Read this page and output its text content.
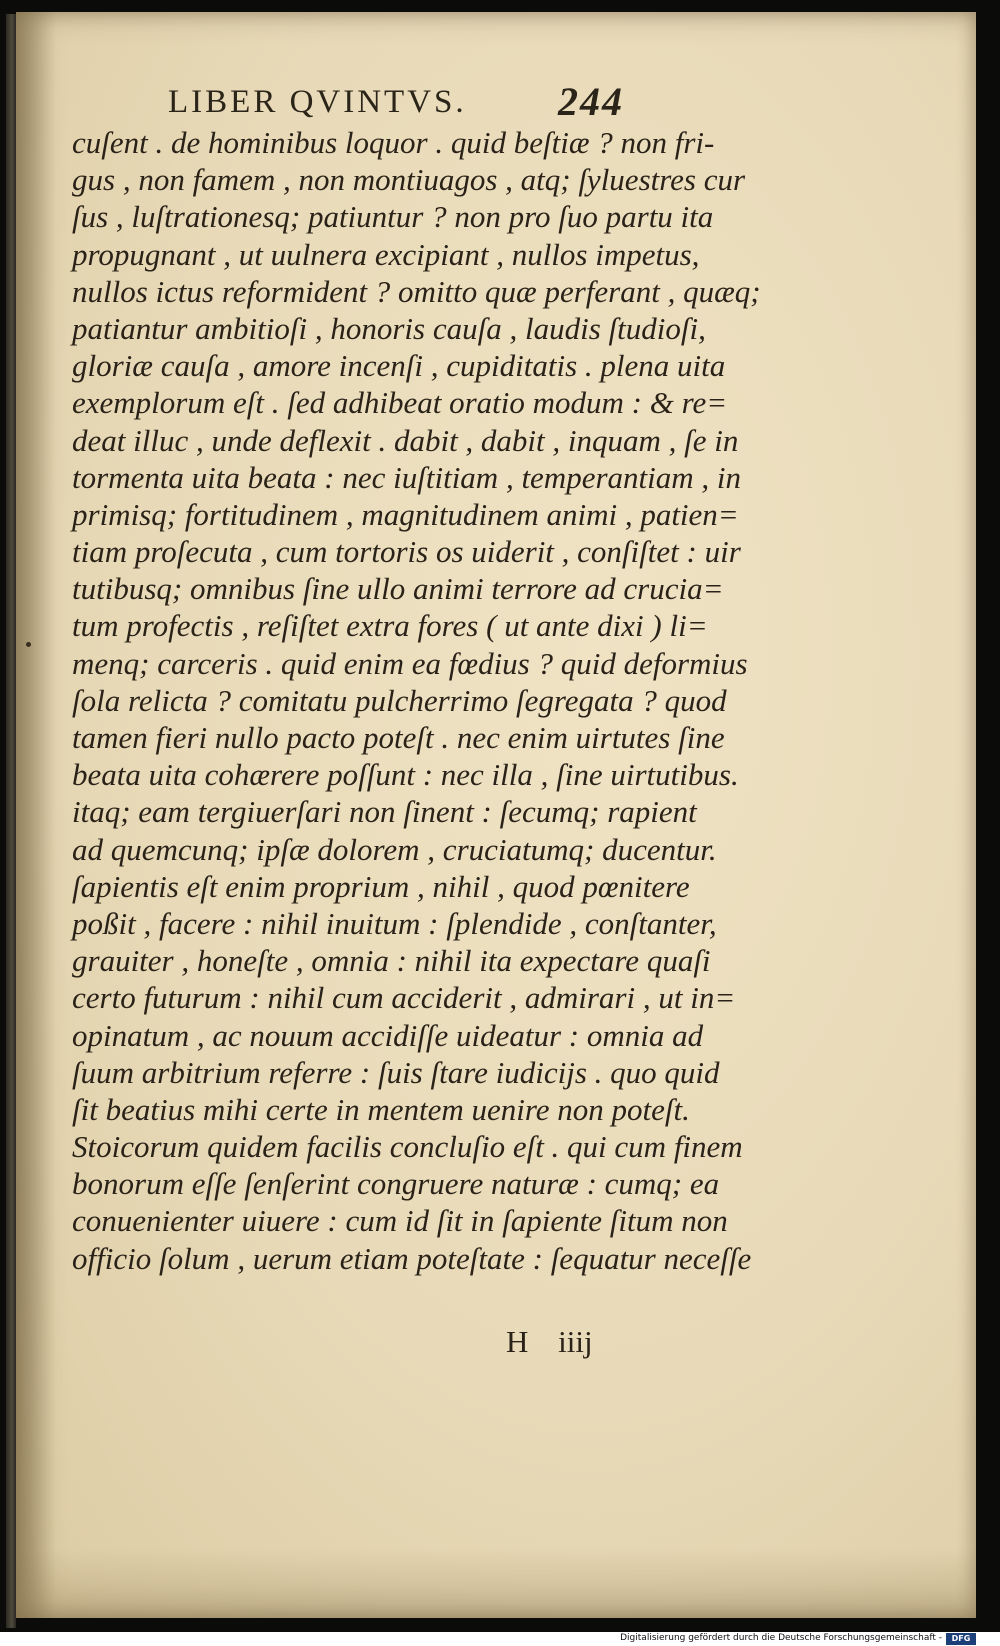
LIBER QVINTVS. 244
cuſent . de hominibus loquor . quid beſtiæ ? non fri-
gus , non famem , non montiuagos , atq; ſyluestres cur
ſus , luſtrationesq; patiuntur ? non pro ſuo partu ita
propugnant , ut uulnera excipiant , nullos impetus,
nullos ictus reformident ? omitto quæ perferant , quæq;
patiantur ambitioſi , honoris cauſa , laudis ſtudioſi,
gloriæ cauſa , amore incenſi , cupiditatis . plena uita
exemplorum eſt . ſed adhibeat oratio modum : & re=
deat illuc , unde deflexit . dabit , dabit , inquam , ſe in
tormenta uita beata : nec iuſtitiam , temperantiam , in
primisq; fortitudinem , magnitudinem animi , patien=
tiam proſecuta , cum tortoris os uiderit , conſiſtet : uir
tutibusq; omnibus ſine ullo animi terrore ad crucia=
tum profectis , reſiſtet extra fores ( ut ante dixi ) li=
menq; carceris . quid enim ea fœdius ? quid deformius
ſola relicta ? comitatu pulcherrimo ſegregata ? quod
tamen fieri nullo pacto poteſt . nec enim uirtutes ſine
beata uita cohærere poſſunt : nec illa , ſine uirtutibus.
itaq; eam tergiuerſari non ſinent : ſecumq; rapient
ad quemcunq; ipſæ dolorem , cruciatumq; ducentur.
ſapientis eſt enim proprium , nihil , quod pœnitere
poßit , facere : nihil inuitum : ſplendide , conſtanter,
grauiter , honeſte , omnia : nihil ita expectare quaſi
certo futurum : nihil cum acciderit , admirari , ut in=
opinatum , ac nouum accidiſſe uideatur : omnia ad
ſuum arbitrium referre : ſuis ſtare iudicijs . quo quid
ſit beatius mihi certe in mentem uenire non poteſt.
Stoicorum quidem facilis concluſio eſt . qui cum finem
bonorum eſſe ſenſerint congruere naturæ : cumq; ea
conuenienter uiuere : cum id ſit in ſapiente ſitum non
officio ſolum , uerum etiam poteſtate : ſequatur neceſſe
H iiij
Digitalisierung gefördert durch die Deutsche Forschungsgemeinschaft -	DFG
